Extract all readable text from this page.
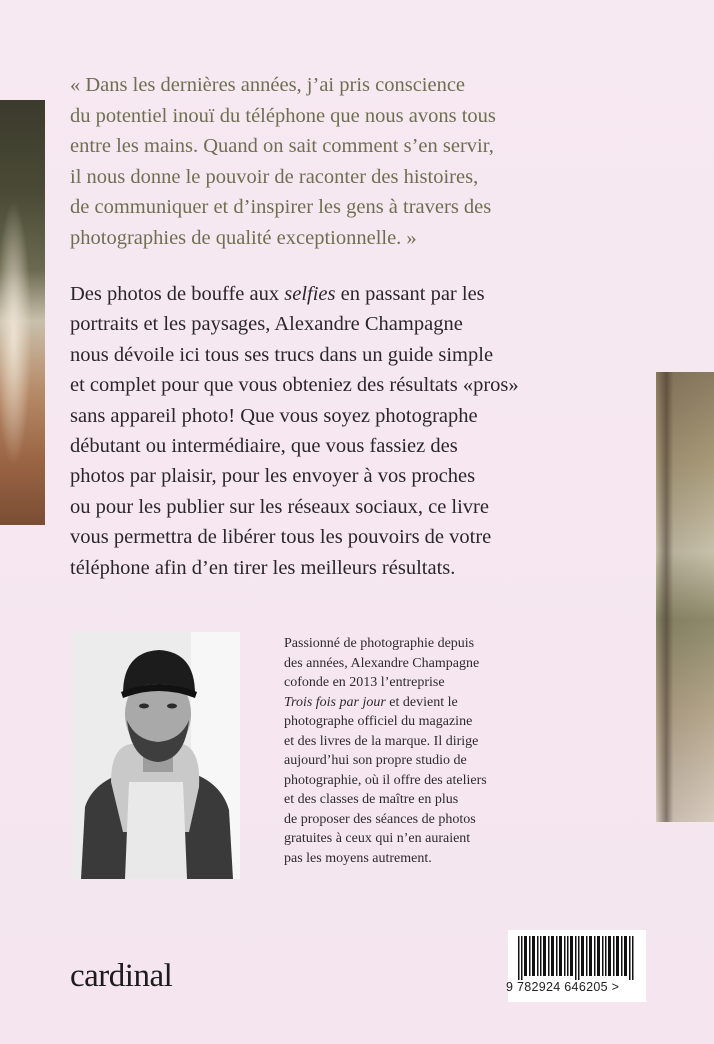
« Dans les dernières années, j’ai pris conscience
du potentiel inouï du téléphone que nous avons tous
entre les mains. Quand on sait comment s’en servir,
il nous donne le pouvoir de raconter des histoires,
de communiquer et d’inspirer les gens à travers des
photographies de qualité exceptionnelle. »

Des photos de bouffe aux selfies en passant par les
portraits et les paysages, Alexandre Champagne
nous dévoile ici tous ses trucs dans un guide simple
et complet pour que vous obteniez des résultats «pros»
sans appareil photo! Que vous soyez photographe
débutant ou intermédiaire, que vous fassiez des
photos par plaisir, pour les envoyer à vos proches
ou pour les publier sur les réseaux sociaux, ce livre
vous permettra de libérer tous les pouvoirs de votre
téléphone afin d’en tirer les meilleurs résultats.

Passionné de photographie depuis
des années, Alexandre Champagne
cofonde en 2013 l’entreprise
Trois fois par jour et devient le
photographe officiel du magazine
et des livres de la marque. Il dirige
aujourd’hui son propre studio de
photographie, où il offre des ateliers
et des classes de maître en plus
de proposer des séances de photos
gratuites à ceux qui n’en auraient
pas les moyens autrement.

cardinal	9 782924 646205 >
